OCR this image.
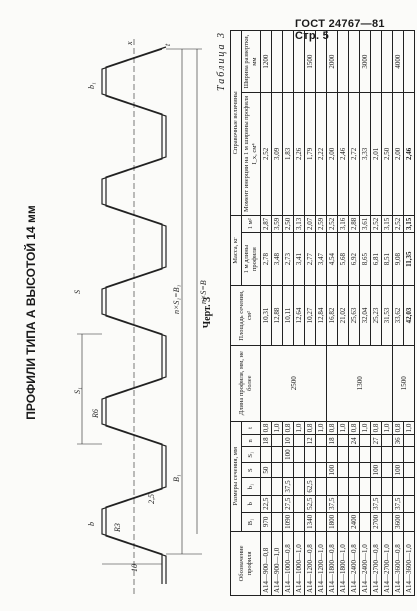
ГОСТ 24767—81 Стр. 5
ПРОФИЛИ ТИПА А ВЫСОТОЙ 14 мм
10
R3
2,5
R6
B₁
b
S₁
S
b₁
t
x
n×S₁=B₁ n×S=B
Черт. 3
Таблица 3
Обозначение профиля	Размеры сечения, мм							Длина профиля, мм, не более	Площадь сечения, см²	Масса, кг		Справочные величины	
	B₁	b	b₁	S	S₁	n	t			1 м длины профиля	1 м²	Момент инерции на 1 м ширины профиля I_x, см⁴	Ширина развертки, мм
А14—900—0,8	970	22,5		50		18	0,8	2500	10,31	2,78	2,87	2,52	1200
А14—900—1,0							1,0		12,88	3,48	3,59	3,09	
А14—1000—0,8	1090	27,5	37,5		100	10	0,8		10,11	2,73	2,50	1,83	
А14—1000—1,0							1,0		12,64	3,41	3,13	2,26	
А14—1200—0,8	1340	52,5	62,5			12	0,8		10,27	2,77	2,07	1,79	1500
А14—1200—1,0							1,0		12,84	3,47	2,59	2,22	
А14—1800—0,8	1800	37,5		100		18	0,8	1300	16,82	4,54	2,52	2,00	2000
А14—1800—1,0							1,0		21,02	5,68	3,16	2,46	
А14—2400—0,8	2400					24	0,8		25,63	6,92	2,88	2,72	
А14—2400—1,0							1,0		32,04	8,65	3,61	3,33	3000
А14—2700—0,8	2700	37,5		100		27	0,8		25,23	6,81	2,52	2,01	
А14—2700—1,0							1,0		31,53	8,51	3,15	2,50	
А14—3600—0,8	3600	37,5		100		36	0,8	1500	33,62	9,08	2,52	2,00	4000
А14—3600—1,0							1,0		42,03	11,35	3,15	2,46	
